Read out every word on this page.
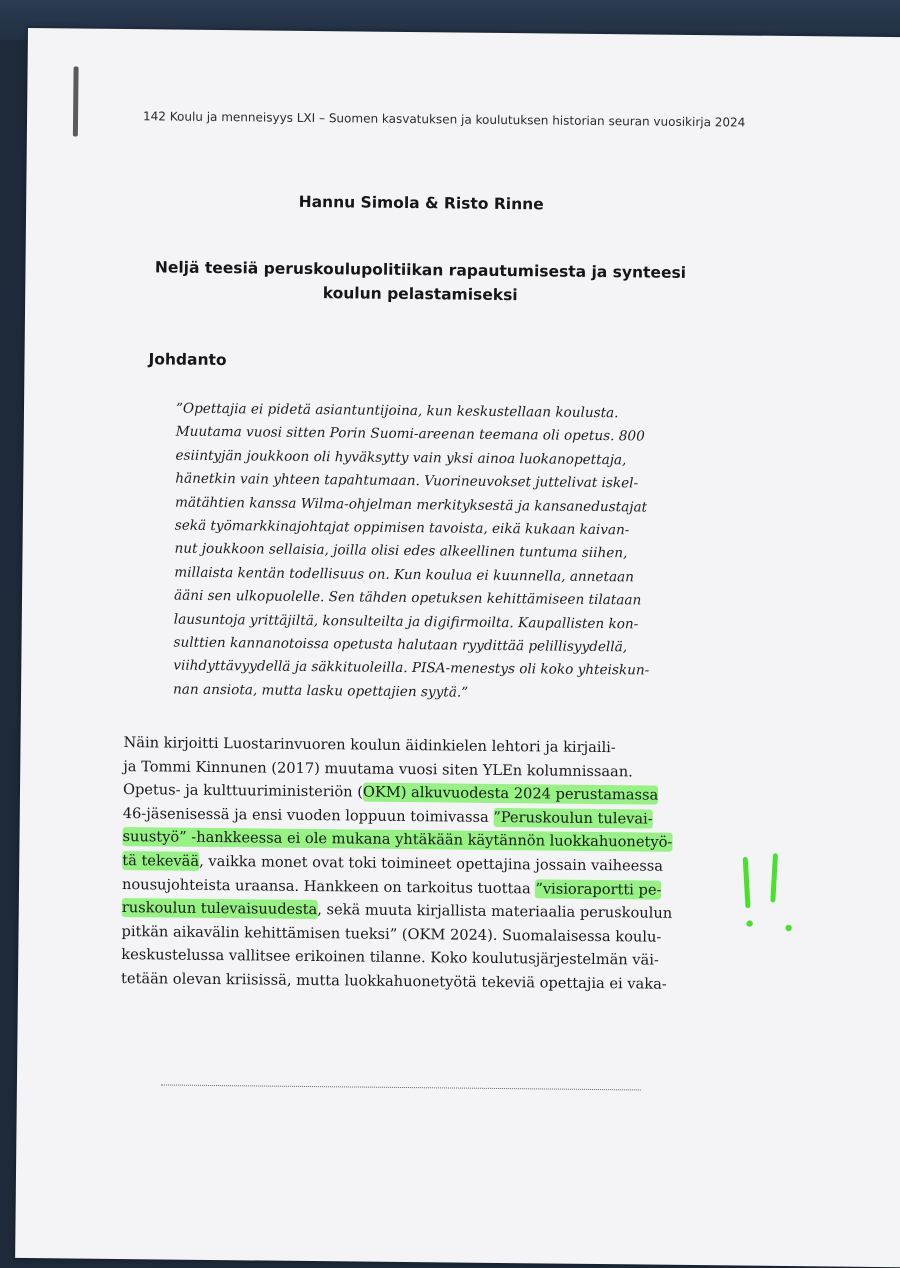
142 Koulu ja menneisyys LXI – Suomen kasvatuksen ja koulutuksen historian seuran vuosikirja 2024
Hannu Simola & Risto Rinne
Neljä teesiä peruskoulupolitiikan rapautumisesta ja synteesi
koulun pelastamiseksi
Johdanto
”Opettajia ei pidetä asiantuntijoina, kun keskustellaan koulusta.
Muutama vuosi sitten Porin Suomi-areenan teemana oli opetus. 800
esiintyjän joukkoon oli hyväksytty vain yksi ainoa luokanopettaja,
hänetkin vain yhteen tapahtumaan. Vuorineuvokset juttelivat iskel-
mätähtien kanssa Wilma-ohjelman merkityksestä ja kansanedustajat
sekä työmarkkinajohtajat oppimisen tavoista, eikä kukaan kaivan-
nut joukkoon sellaisia, joilla olisi edes alkeellinen tuntuma siihen,
millaista kentän todellisuus on. Kun koulua ei kuunnella, annetaan
ääni sen ulkopuolelle. Sen tähden opetuksen kehittämiseen tilataan
lausuntoja yrittäjiltä, konsulteilta ja digifirmoilta. Kaupallisten kon-
sulttien kannanotoissa opetusta halutaan ryydittää pelillisyydellä,
viihdyttävyydellä ja säkkituoleilla. PISA-menestys oli koko yhteiskun-
nan ansiota, mutta lasku opettajien syytä.”
Näin kirjoitti Luostarinvuoren koulun äidinkielen lehtori ja kirjaili-
ja Tommi Kinnunen (2017) muutama vuosi siten YLEn kolumnissaan.
Opetus- ja kulttuuriministeriön (OKM) alkuvuodesta 2024 perustamassa
46-jäsenisessä ja ensi vuoden loppuun toimivassa ”Peruskoulun tulevai-
suustyö” -hankkeessa ei ole mukana yhtäkään käytännön luokkahuonetyö-
tä tekevää, vaikka monet ovat toki toimineet opettajina jossain vaiheessa
nousujohteista uraansa. Hankkeen on tarkoitus tuottaa ”visioraportti pe-
ruskoulun tulevaisuudesta, sekä muuta kirjallista materiaalia peruskoulun
pitkän aikavälin kehittämisen tueksi” (OKM 2024). Suomalaisessa koulu-
keskustelussa vallitsee erikoinen tilanne. Koko koulutusjärjestelmän väi-
tetään olevan kriisissä, mutta luokkahuonetyötä tekeviä opettajia ei vaka-
